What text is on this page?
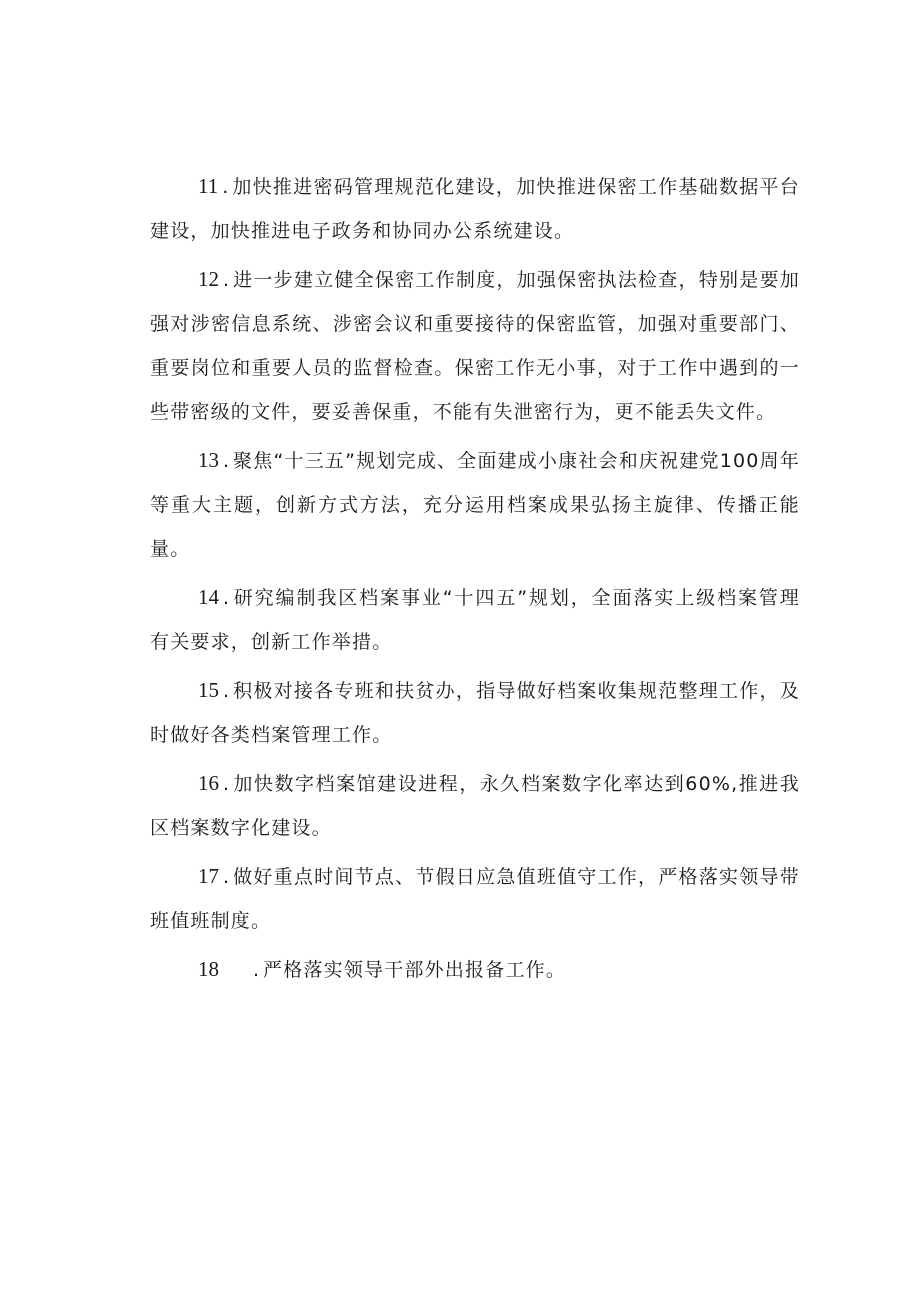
11 . 加快推进密码管理规范化建设，加快推进保密工作基础数据平台建设，加快推进电子政务和协同办公系统建设。

12 . 进一步建立健全保密工作制度，加强保密执法检查，特别是要加强对涉密信息系统、涉密会议和重要接待的保密监管，加强对重要部门、重要岗位和重要人员的监督检查。保密工作无小事，对于工作中遇到的一些带密级的文件，要妥善保重，不能有失泄密行为，更不能丢失文件。

13 . 聚焦“十三五”规划完成、全面建成小康社会和庆祝建党100周年等重大主题，创新方式方法，充分运用档案成果弘扬主旋律、传播正能量。

14 . 研究编制我区档案事业“十四五”规划，全面落实上级档案管理有关要求，创新工作举措。

15 . 积极对接各专班和扶贫办，指导做好档案收集规范整理工作，及时做好各类档案管理工作。

16 . 加快数字档案馆建设进程，永久档案数字化率达到60%,推进我区档案数字化建设。

17 . 做好重点时间节点、节假日应急值班值守工作，严格落实领导带班值班制度。

18 . 严格落实领导干部外出报备工作。
